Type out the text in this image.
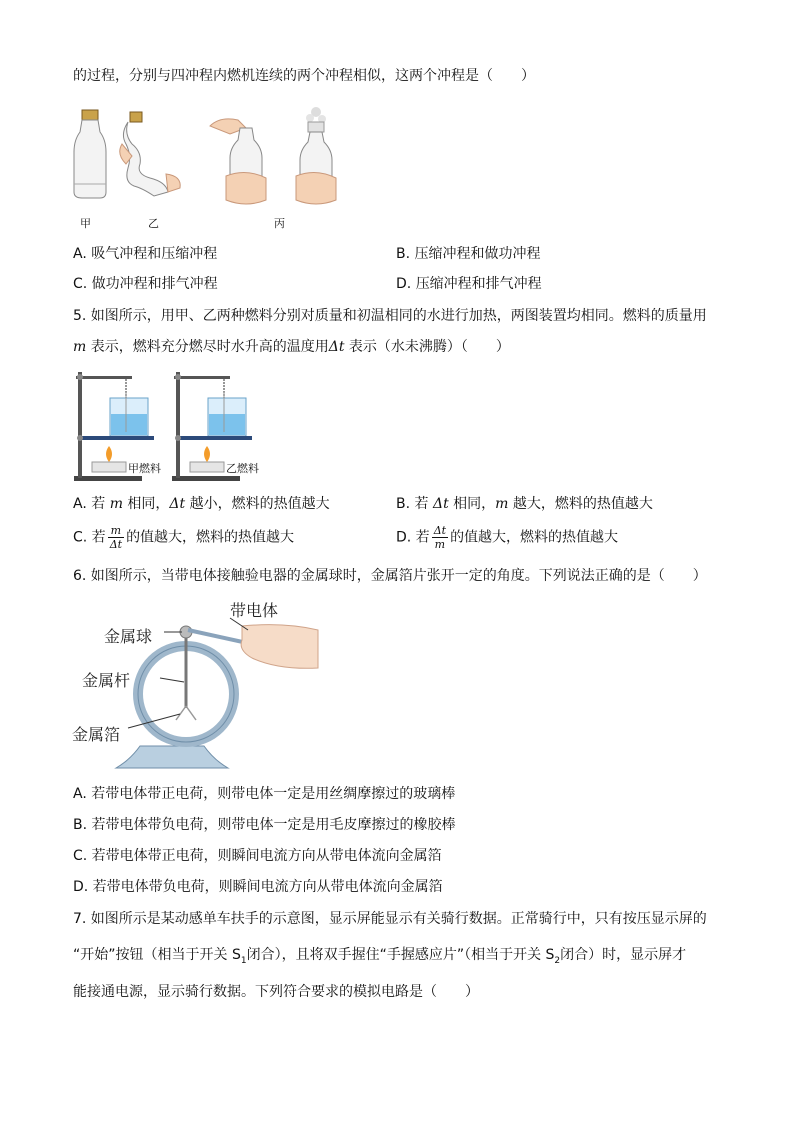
的过程，分别与四冲程内燃机连续的两个冲程相似，这两个冲程是（　　）
甲	乙	丙
A. 吸气冲程和压缩冲程	B. 压缩冲程和做功冲程
C. 做功冲程和排气冲程	D. 压缩冲程和排气冲程
5. 如图所示，用甲、乙两种燃料分别对质量和初温相同的水进行加热，两图装置均相同。燃料的质量用
m 表示，燃料充分燃尽时水升高的温度用Δt 表示（水未沸腾）（　　）
甲燃料	乙燃料
A. 若 m 相同，Δt 越小，燃料的热值越大	B. 若 Δt 相同，m 越大，燃料的热值越大
C. 若 $\frac{m}{\Delta t}$ 的值越大，燃料的热值越大	D. 若 $\frac{\Delta t}{m}$ 的值越大，燃料的热值越大
6. 如图所示，当带电体接触验电器的金属球时，金属箔片张开一定的角度。下列说法正确的是（　　）
带电体
金属球
金属杆
金属箔
A. 若带电体带正电荷，则带电体一定是用丝绸摩擦过的玻璃棒
B. 若带电体带负电荷，则带电体一定是用毛皮摩擦过的橡胶棒
C. 若带电体带正电荷，则瞬间电流方向从带电体流向金属箔
D. 若带电体带负电荷，则瞬间电流方向从带电体流向金属箔
7. 如图所示是某动感单车扶手的示意图，显示屏能显示有关骑行数据。正常骑行中，只有按压显示屏的
“开始”按钮（相当于开关 $S_1$闭合），且将双手握住“手握感应片”（相当于开关 $S_2$闭合）时，显示屏才
能接通电源，显示骑行数据。下列符合要求的模拟电路是（　　）
